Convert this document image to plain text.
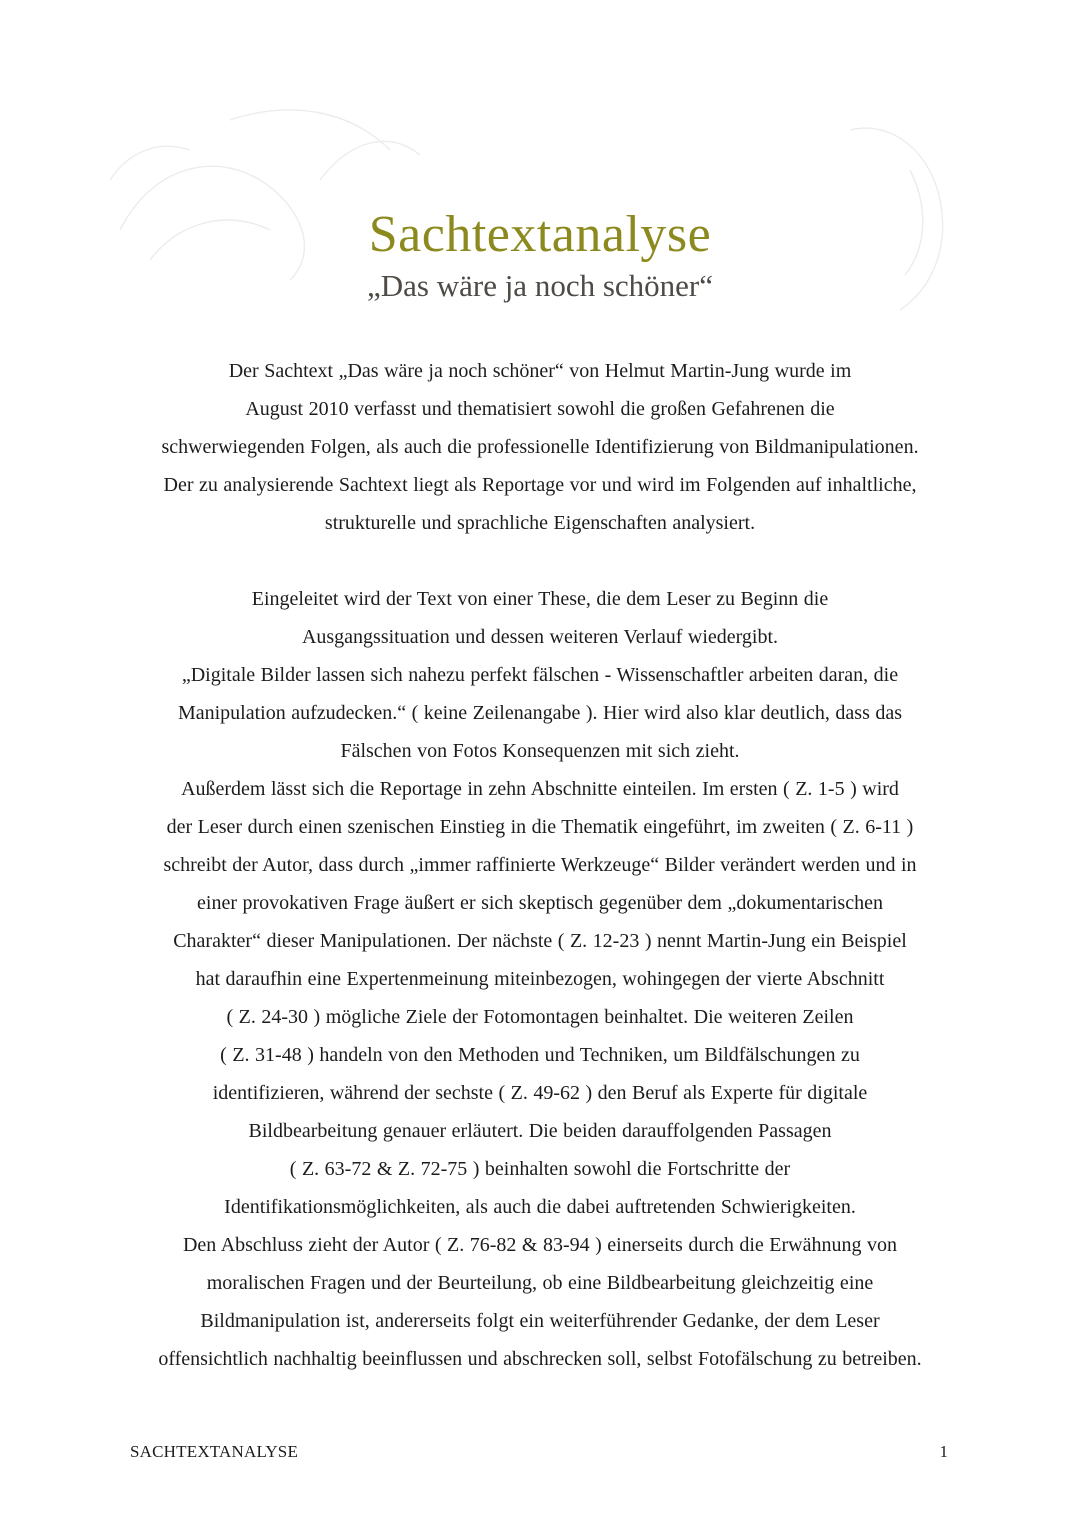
Sachtextanalyse
„Das wäre ja noch schöner“
Der Sachtext „Das wäre ja noch schöner“ von Helmut Martin-Jung wurde im
August 2010 verfasst und thematisiert sowohl die großen Gefahrenen die
schwerwiegenden Folgen, als auch die professionelle Identifizierung von Bildmanipulationen.
Der zu analysierende Sachtext liegt als Reportage vor und wird im Folgenden auf inhaltliche,
strukturelle und sprachliche Eigenschaften analysiert.
Eingeleitet wird der Text von einer These, die dem Leser zu Beginn die
Ausgangssituation und dessen weiteren Verlauf wiedergibt.
„Digitale Bilder lassen sich nahezu perfekt fälschen - Wissenschaftler arbeiten daran, die
Manipulation aufzudecken.“ ( keine Zeilenangabe ). Hier wird also klar deutlich, dass das
Fälschen von Fotos Konsequenzen mit sich zieht.
Außerdem lässt sich die Reportage in zehn Abschnitte einteilen. Im ersten ( Z. 1-5 ) wird
der Leser durch einen szenischen Einstieg in die Thematik eingeführt, im zweiten ( Z. 6-11 )
schreibt der Autor, dass durch „immer raffinierte Werkzeuge“ Bilder verändert werden und in
einer provokativen Frage äußert er sich skeptisch gegenüber dem „dokumentarischen
Charakter“ dieser Manipulationen. Der nächste ( Z. 12-23 ) nennt Martin-Jung ein Beispiel
hat daraufhin eine Expertenmeinung miteinbezogen, wohingegen der vierte Abschnitt
( Z. 24-30 ) mögliche Ziele der Fotomontagen beinhaltet. Die weiteren Zeilen
( Z. 31-48 ) handeln von den Methoden und Techniken, um Bildfälschungen zu
identifizieren, während der sechste ( Z. 49-62 ) den Beruf als Experte für digitale
Bildbearbeitung genauer erläutert. Die beiden darauffolgenden Passagen
( Z. 63-72 & Z. 72-75 ) beinhalten sowohl die Fortschritte der
Identifikationsmöglichkeiten, als auch die dabei auftretenden Schwierigkeiten.
Den Abschluss zieht der Autor ( Z. 76-82 & 83-94 ) einerseits durch die Erwähnung von
moralischen Fragen und der Beurteilung, ob eine Bildbearbeitung gleichzeitig eine
Bildmanipulation ist, andererseits folgt ein weiterführender Gedanke, der dem Leser
offensichtlich nachhaltig beeinflussen und abschrecken soll, selbst Fotofälschung zu betreiben.
SACHTEXTANALYSE	1
